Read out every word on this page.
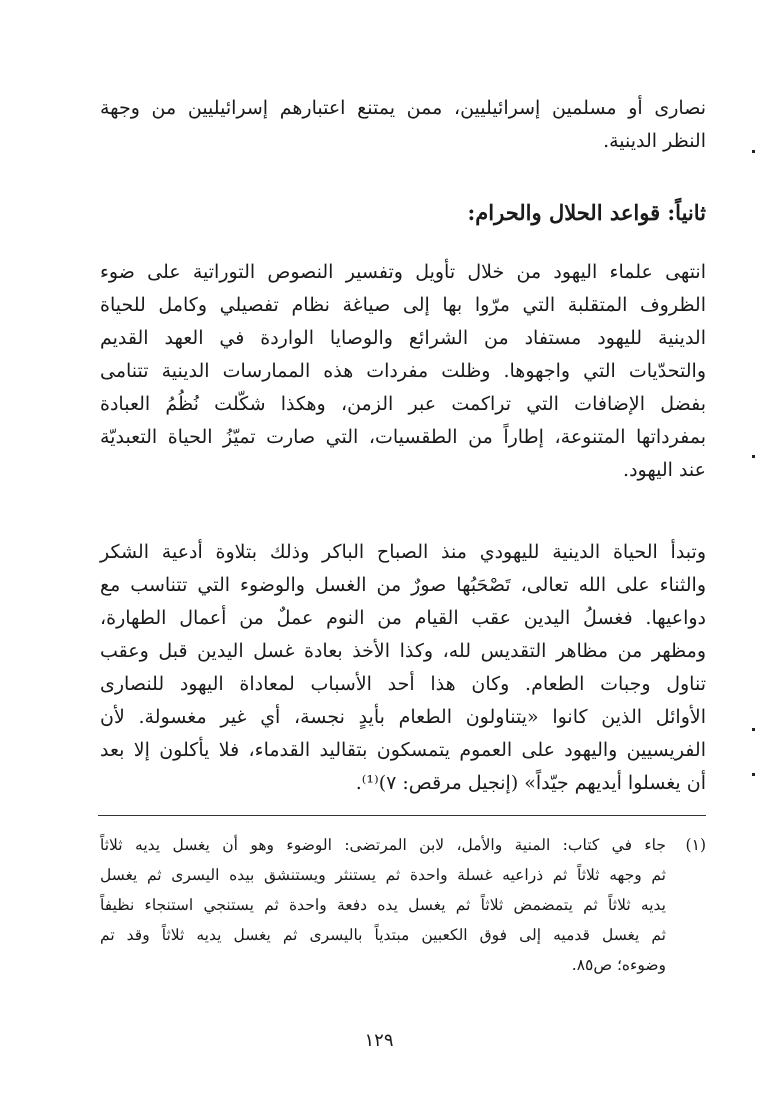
نصارى أو مسلمين إسرائيليين، ممن يمتنع اعتبارهم إسرائيليين من وجهة
النظر الدينية.
ثانياً: قواعد الحلال والحرام:
انتهى علماء اليهود من خلال تأويل وتفسير النصوص التوراتية على ضوء
الظروف المتقلبة التي مرّوا بها إلى صياغة نظام تفصيلي وكامل للحياة
الدينية لليهود مستفاد من الشرائع والوصايا الواردة في العهد القديم
والتحدّيات التي واجهوها. وظلت مفردات هذه الممارسات الدينية تتنامى
بفضل الإضافات التي تراكمت عبر الزمن، وهكذا شكّلت نُظُمُ العبادة
بمفرداتها المتنوعة، إطاراً من الطقسيات، التي صارت تميّزُ الحياة التعبديّة
عند اليهود.
وتبدأ الحياة الدينية لليهودي منذ الصباح الباكر وذلك بتلاوة أدعية الشكر
والثناء على الله تعالى، تَصْحَبُها صورٌ من الغسل والوضوء التي تتناسب مع
دواعيها. فغسلُ اليدين عقب القيام من النوم عملٌ من أعمال الطهارة،
ومظهر من مظاهر التقديس لله، وكذا الأخذ بعادة غسل اليدين قبل وعقب
تناول وجبات الطعام. وكان هذا أحد الأسباب لمعاداة اليهود للنصارى
الأوائل الذين كانوا «يتناولون الطعام بأيدٍ نجسة، أي غير مغسولة. لأن
الفريسيين واليهود على العموم يتمسكون بتقاليد القدماء، فلا يأكلون إلا بعد
أن يغسلوا أيديهم جيّداً» (إنجيل مرقص: ٧)⁽¹⁾.
(١)
جاء في كتاب: المنية والأمل، لابن المرتضى: الوضوء وهو أن يغسل يديه ثلاثاً
ثم وجهه ثلاثاً ثم ذراعيه غسلة واحدة ثم يستنثر ويستنشق بيده اليسرى ثم يغسل
يديه ثلاثاً ثم يتمضمض ثلاثاً ثم يغسل يده دفعة واحدة ثم يستنجي استنجاء نظيفاً
ثم يغسل قدميه إلى فوق الكعبين مبتدياً باليسرى ثم يغسل يديه ثلاثاً وقد تم
وضوءه؛ ص٨٥.
١٢٩
